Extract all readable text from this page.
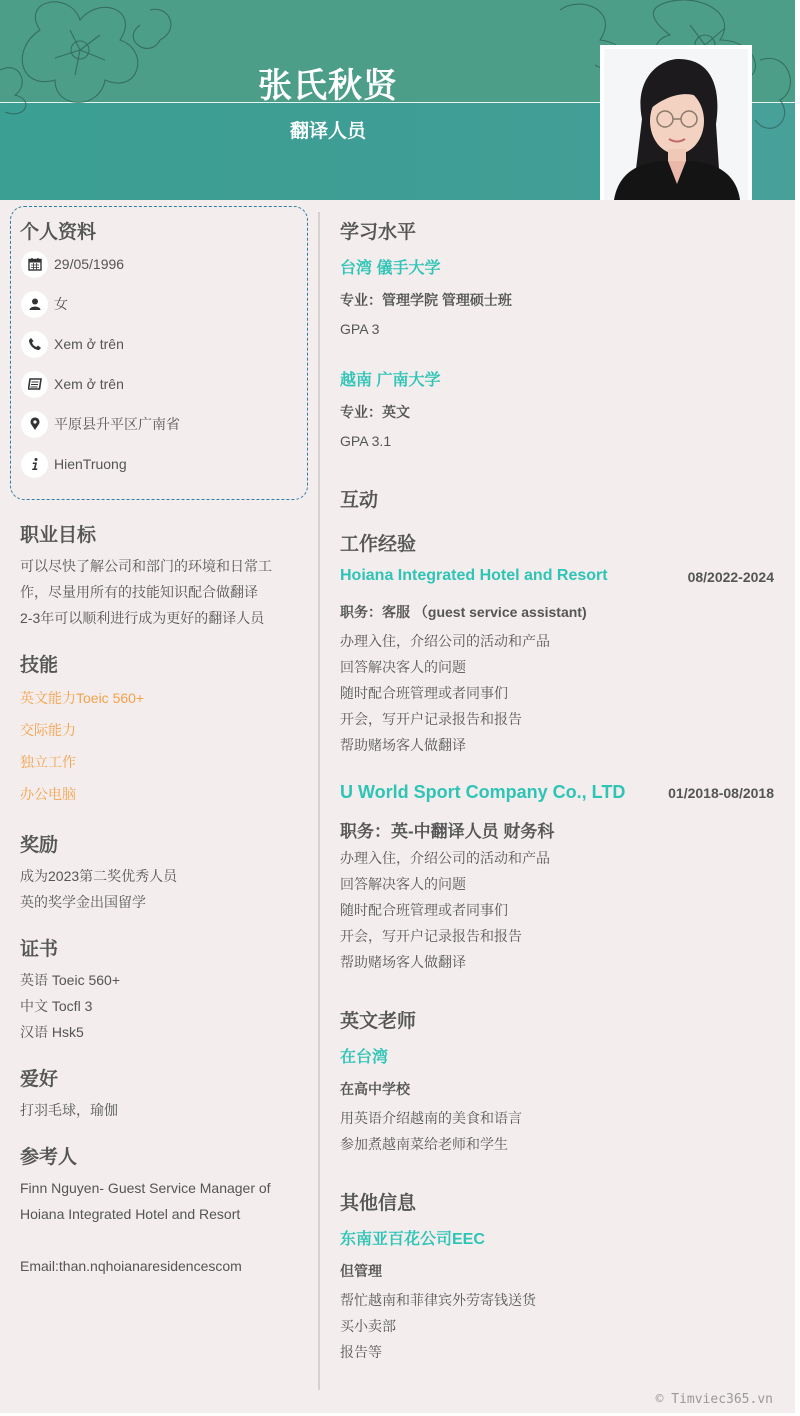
张氏秋贤
翻译人员
个人资料
29/05/1996
女
Xem ở trên
Xem ở trên
平原县升平区广南省
HienTruong
职业目标
可以尽快了解公司和部门的环境和日常工
作，尽量用所有的技能知识配合做翻译
2-3年可以顺利进行成为更好的翻译人员
技能
英文能力Toeic 560+
交际能力
独立工作
办公电脑
奖励
成为2023第二奖优秀人员
英的奖学金出国留学
证书
英语 Toeic 560+
中文 Tocfl 3
汉语 Hsk5
爱好
打羽毛球，瑜伽
参考人
Finn Nguyen- Guest Service Manager of
Hoiana Integrated Hotel and Resort
Email:than.nqhoianaresidencescom
学习水平
台湾 儀手大学
专业：管理学院 管理硕士班
GPA 3
越南 广南大学
专业：英文
GPA 3.1
互动
工作经验
Hoiana Integrated Hotel and Resort	08/2022-2024
职务：客服 （guest service assistant)
办理入住，介绍公司的活动和产品
回答解决客人的问题
随时配合班管理或者同事们
开会，写开户记录报告和报告
帮助赌场客人做翻译
U World Sport Company Co., LTD	01/2018-08/2018
职务：英-中翻译人员 财务科
办理入住，介绍公司的活动和产品
回答解决客人的问题
随时配合班管理或者同事们
开会，写开户记录报告和报告
帮助赌场客人做翻译
英文老师
在台湾
在高中学校
用英语介绍越南的美食和语言
参加煮越南菜给老师和学生
其他信息
东南亚百花公司EEC
但管理
帮忙越南和菲律宾外劳寄钱送货
买小卖部
报告等
© Timviec365.vn
